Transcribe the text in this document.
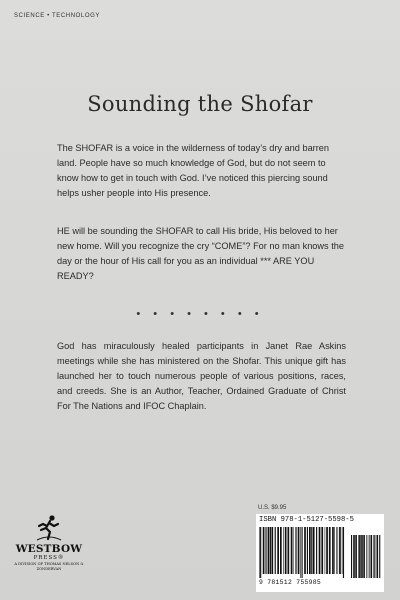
SCIENCE • TECHNOLOGY
Sounding the Shofar
The SHOFAR is a voice in the wilderness of today’s dry and barren land. People have so much knowledge of God, but do not seem to know how to get in touch with God. I’ve noticed this piercing sound helps usher people into His presence.
HE will be sounding the SHOFAR to call His bride, His beloved to her new home. Will you recognize the cry “COME”? For no man knows the day or the hour of His call for you as an individual *** ARE YOU READY?
• • • • • • • •
God has miraculously healed participants in Janet Rae Askins meetings while she has ministered on the Shofar. This unique gift has launched her to touch numerous people of various positions, races, and creeds. She is an Author, Teacher, Ordained Graduate of Christ For The Nations and IFOC Chaplain.
WESTBOW
PRESS®
A DIVISION OF THOMAS NELSON & ZONDERVAN
U.S. $9.95
ISBN 978-1-5127-5598-5
9 781512 755985
